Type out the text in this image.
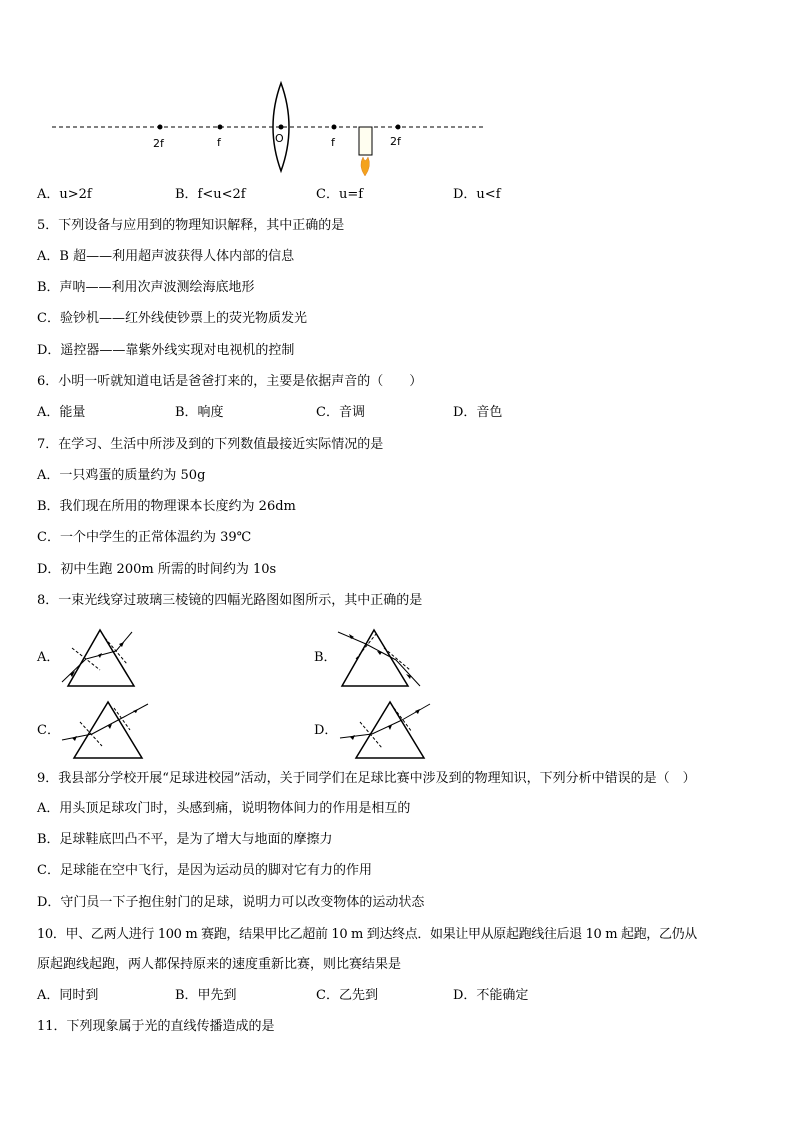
2f	f	O	f	2f
A．u>2f	B．f<u<2f	C．u=f	D．u<f
5．下列设备与应用到的物理知识解释，其中正确的是
A．B 超——利用超声波获得人体内部的信息
B．声呐——利用次声波测绘海底地形
C．验钞机——红外线使钞票上的荧光物质发光
D．遥控器——靠紫外线实现对电视机的控制
6．小明一听就知道电话是爸爸打来的，主要是依据声音的（　　）
A．能量	B．响度	C．音调	D．音色
7．在学习、生活中所涉及到的下列数值最接近实际情况的是
A．一只鸡蛋的质量约为 50g
B．我们现在所用的物理课本长度约为 26dm
C．一个中学生的正常体温约为 39℃
D．初中生跑 200m 所需的时间约为 10s
8．一束光线穿过玻璃三棱镜的四幅光路图如图所示，其中正确的是
A．	B．
C．	D．
9．我县部分学校开展“足球进校园”活动，关于同学们在足球比赛中涉及到的物理知识，下列分析中错误的是（　）
A．用头顶足球攻门时，头感到痛，说明物体间力的作用是相互的
B．足球鞋底凹凸不平，是为了增大与地面的摩擦力
C．足球能在空中飞行，是因为运动员的脚对它有力的作用
D．守门员一下子抱住射门的足球，说明力可以改变物体的运动状态
10．甲、乙两人进行 100 m 赛跑，结果甲比乙超前 10 m 到达终点．如果让甲从原起跑线往后退 10 m 起跑，乙仍从
原起跑线起跑，两人都保持原来的速度重新比赛，则比赛结果是
A．同时到	B．甲先到	C．乙先到	D．不能确定
11．下列现象属于光的直线传播造成的是
